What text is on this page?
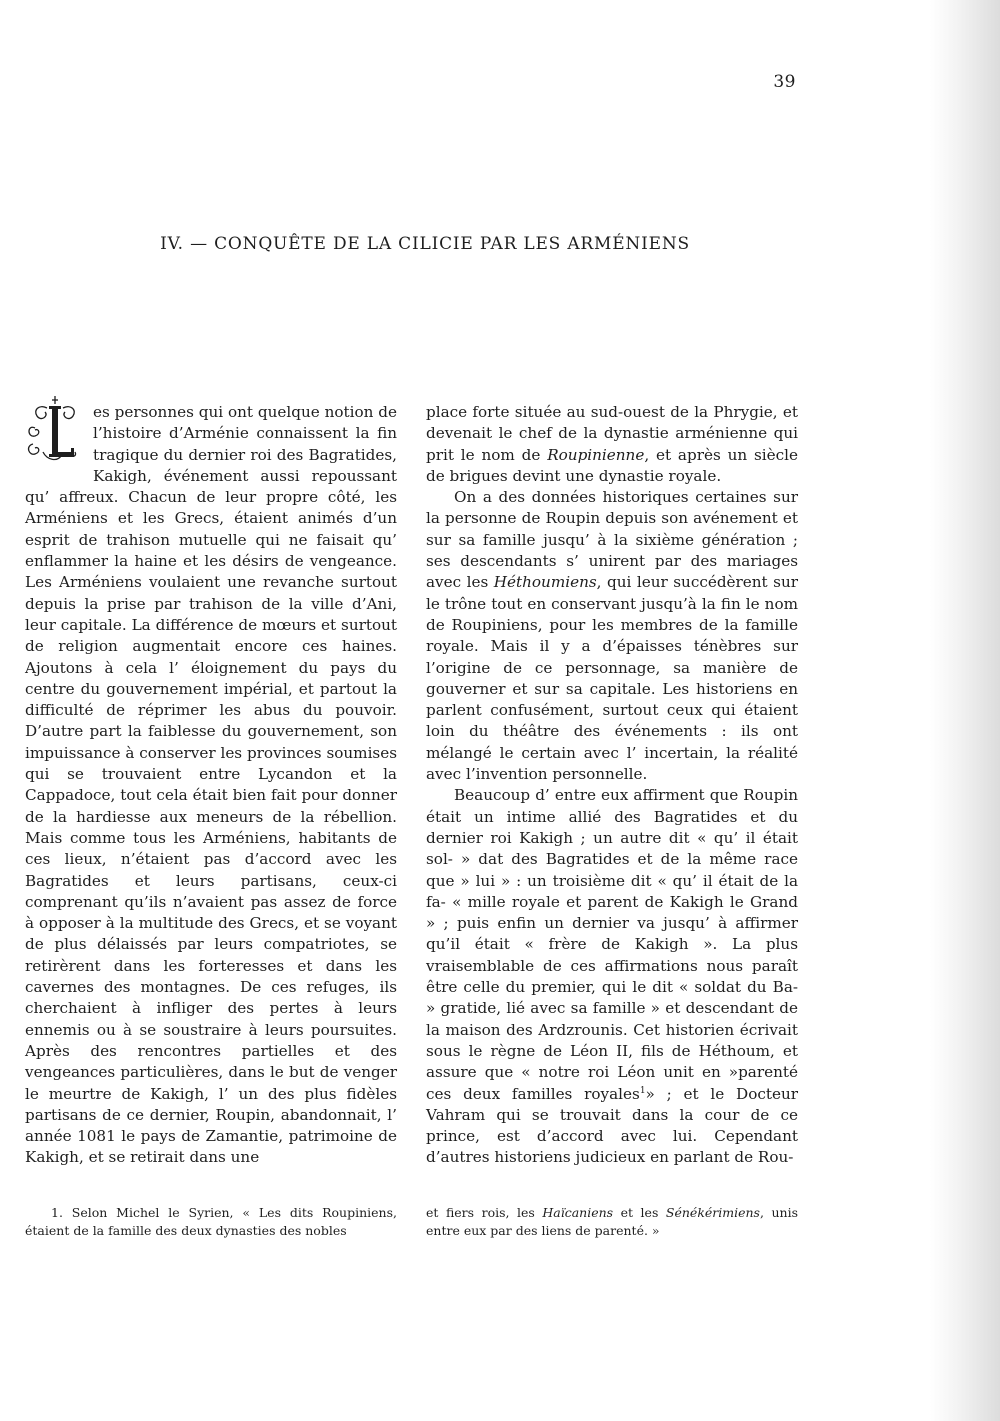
39
IV. — CONQUÊTE DE LA CILICIE PAR LES ARMÉNIENS

es personnes qui ont quelque notion de l’histoire d’Arménie connaissent la fin tragique du dernier roi des Bagratides, Kakigh, événement aussi repoussant qu’ affreux. Chacun de leur propre côté, les Arméniens et les Grecs, étaient animés d’un esprit de trahison mutuelle qui ne faisait qu’ enflammer la haine et les désirs de vengeance. Les Arméniens voulaient une revanche surtout depuis la prise par trahison de la ville d’Ani, leur capitale. La différence de mœurs et surtout de religion augmentait encore ces haines. Ajoutons à cela l’ éloignement du pays du centre du gouvernement impérial, et partout la difficulté de réprimer les abus du pouvoir. D’autre part la faiblesse du gouvernement, son impuissance à conserver les provinces soumises qui se trouvaient entre Lycandon et la Cappadoce, tout cela était bien fait pour donner de la hardiesse aux meneurs de la rébellion. Mais comme tous les Arméniens, habitants de ces lieux, n’étaient pas d’accord avec les Bagratides et leurs partisans, ceux-ci comprenant qu’ils n’avaient pas assez de force à opposer à la multitude des Grecs, et se voyant de plus délaissés par leurs compatriotes, se retirèrent dans les forteresses et dans les cavernes des montagnes. De ces refuges, ils cherchaient à infliger des pertes à leurs ennemis ou à se soustraire à leurs poursuites. Après des rencontres partielles et des vengeances particulières, dans le but de venger le meurtre de Kakigh, l’ un des plus fidèles partisans de ce dernier, Roupin, abandonnait, l’ année 1081 le pays de Zamantie, patrimoine de Kakigh, et se retirait dans une

place forte située au sud-ouest de la Phrygie, et devenait le chef de la dynastie arménienne qui prit le nom de Roupinienne, et après un siècle de brigues devint une dynastie royale.

On a des données historiques certaines sur la personne de Roupin depuis son avénement et sur sa famille jusqu’ à la sixième génération ; ses descendants s’ unirent par des mariages avec les Héthoumiens, qui leur succédèrent sur le trône tout en conservant jusqu’à la fin le nom de Roupiniens, pour les membres de la famille royale. Mais il y a d’épaisses ténèbres sur l’origine de ce personnage, sa manière de gouverner et sur sa capitale. Les historiens en parlent confusément, surtout ceux qui étaient loin du théâtre des événements : ils ont mélangé le certain avec l’ incertain, la réalité avec l’invention personnelle.

Beaucoup d’ entre eux affirment que Roupin était un intime allié des Bagratides et du dernier roi Kakigh ; un autre dit « qu’ il était sol- » dat des Bagratides et de la même race que » lui » : un troisième dit « qu’ il était de la fa- « mille royale et parent de Kakigh le Grand » ; puis enfin un dernier va jusqu’ à affirmer qu’il était « frère de Kakigh ». La plus vraisemblable de ces affirmations nous paraît être celle du premier, qui le dit « soldat du Ba- » gratide, lié avec sa famille » et descendant de la maison des Ardzrounis. Cet historien écrivait sous le règne de Léon II, fils de Héthoum, et assure que « notre roi Léon unit en »parenté ces deux familles royales$^1$» ; et le Docteur Vahram qui se trouvait dans la cour de ce prince, est d’accord avec lui. Cependant d’autres historiens judicieux en parlant de Rou-

1. Selon Michel le Syrien, « Les dits Roupiniens, étaient de la famille des deux dynasties des nobles

et fiers rois, les Haïcaniens et les Sénékérimiens, unis entre eux par des liens de parenté. »
